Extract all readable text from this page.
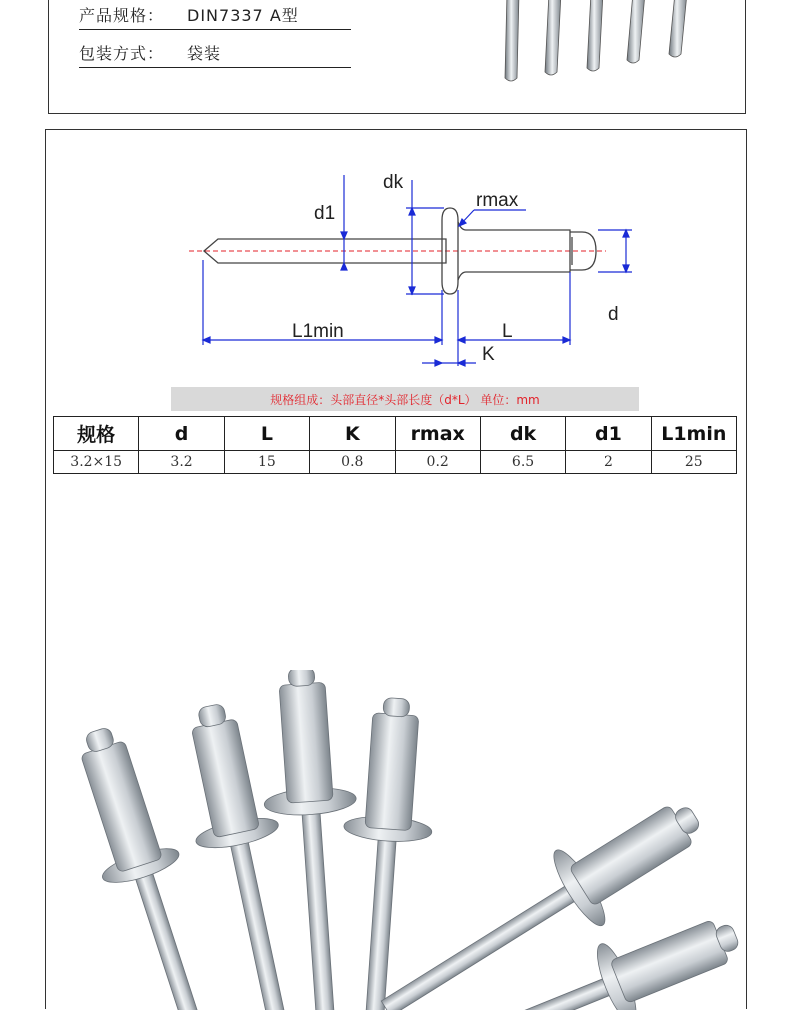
产品规格：	DIN7337 A型
包装方式：	袋装
dk
d1
rmax
d
L1min	L
K
规格组成：头部直径*头部长度（d*L） 单位：mm
规格	d	L	K	rmax	dk	d1	L1min
3.2×15	3.2	15	0.8	0.2	6.5	2	25
